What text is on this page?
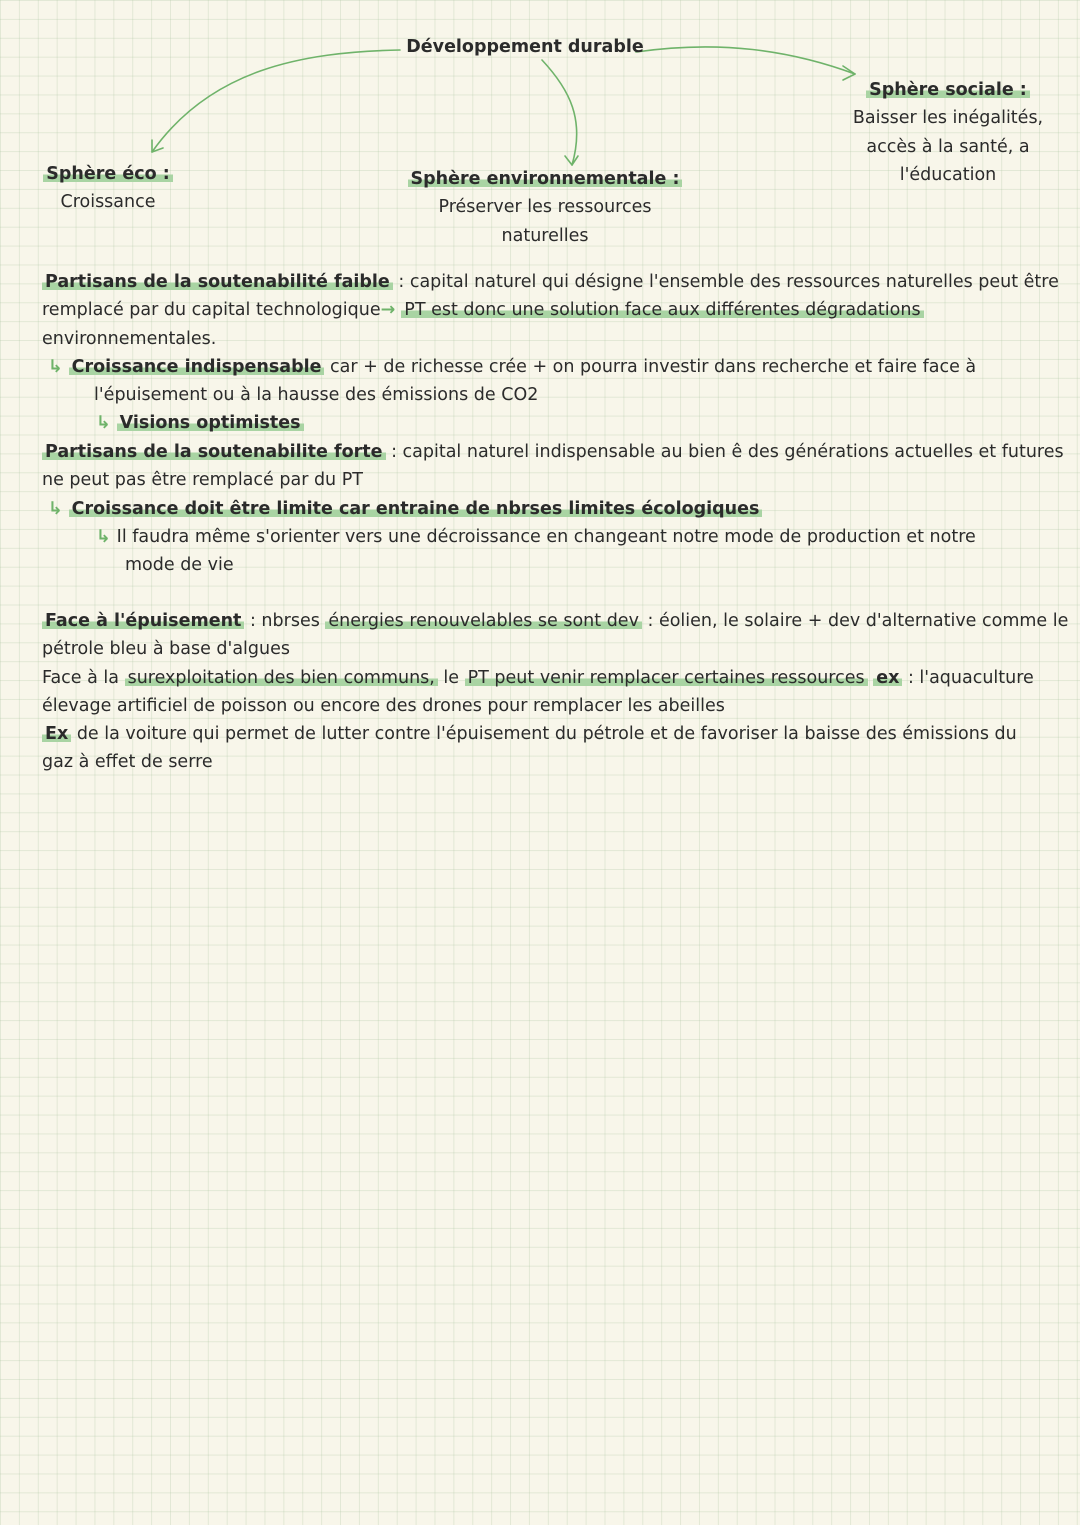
Développement durable
Sphère éco :
Croissance
Sphère environnementale :
Préserver les ressources
naturelles
Sphère sociale :
Baisser les inégalités,
accès à la santé, a
l'éducation
Partisans de la soutenabilité faible : capital naturel qui désigne l'ensemble des ressources naturelles peut être
remplacé par du capital technologique→ PT est donc une solution face aux différentes dégradations
environnementales.
↳ Croissance indispensable car + de richesse crée + on pourra investir dans recherche et faire face à
l'épuisement ou à la hausse des émissions de CO2
↳ Visions optimistes
Partisans de la soutenabilite forte : capital naturel indispensable au bien ê des générations actuelles et futures
ne peut pas être remplacé par du PT
↳ Croissance doit être limite car entraine de nbrses limites écologiques
↳ Il faudra même s'orienter vers une décroissance en changeant notre mode de production et notre
mode de vie
Face à l'épuisement : nbrses énergies renouvelables se sont dev : éolien, le solaire + dev d'alternative comme le
pétrole bleu à base d'algues
Face à la surexploitation des bien communs, le PT peut venir remplacer certaines ressources ex : l'aquaculture
élevage artificiel de poisson ou encore des drones pour remplacer les abeilles
Ex de la voiture qui permet de lutter contre l'épuisement du pétrole et de favoriser la baisse des émissions du
gaz à effet de serre
